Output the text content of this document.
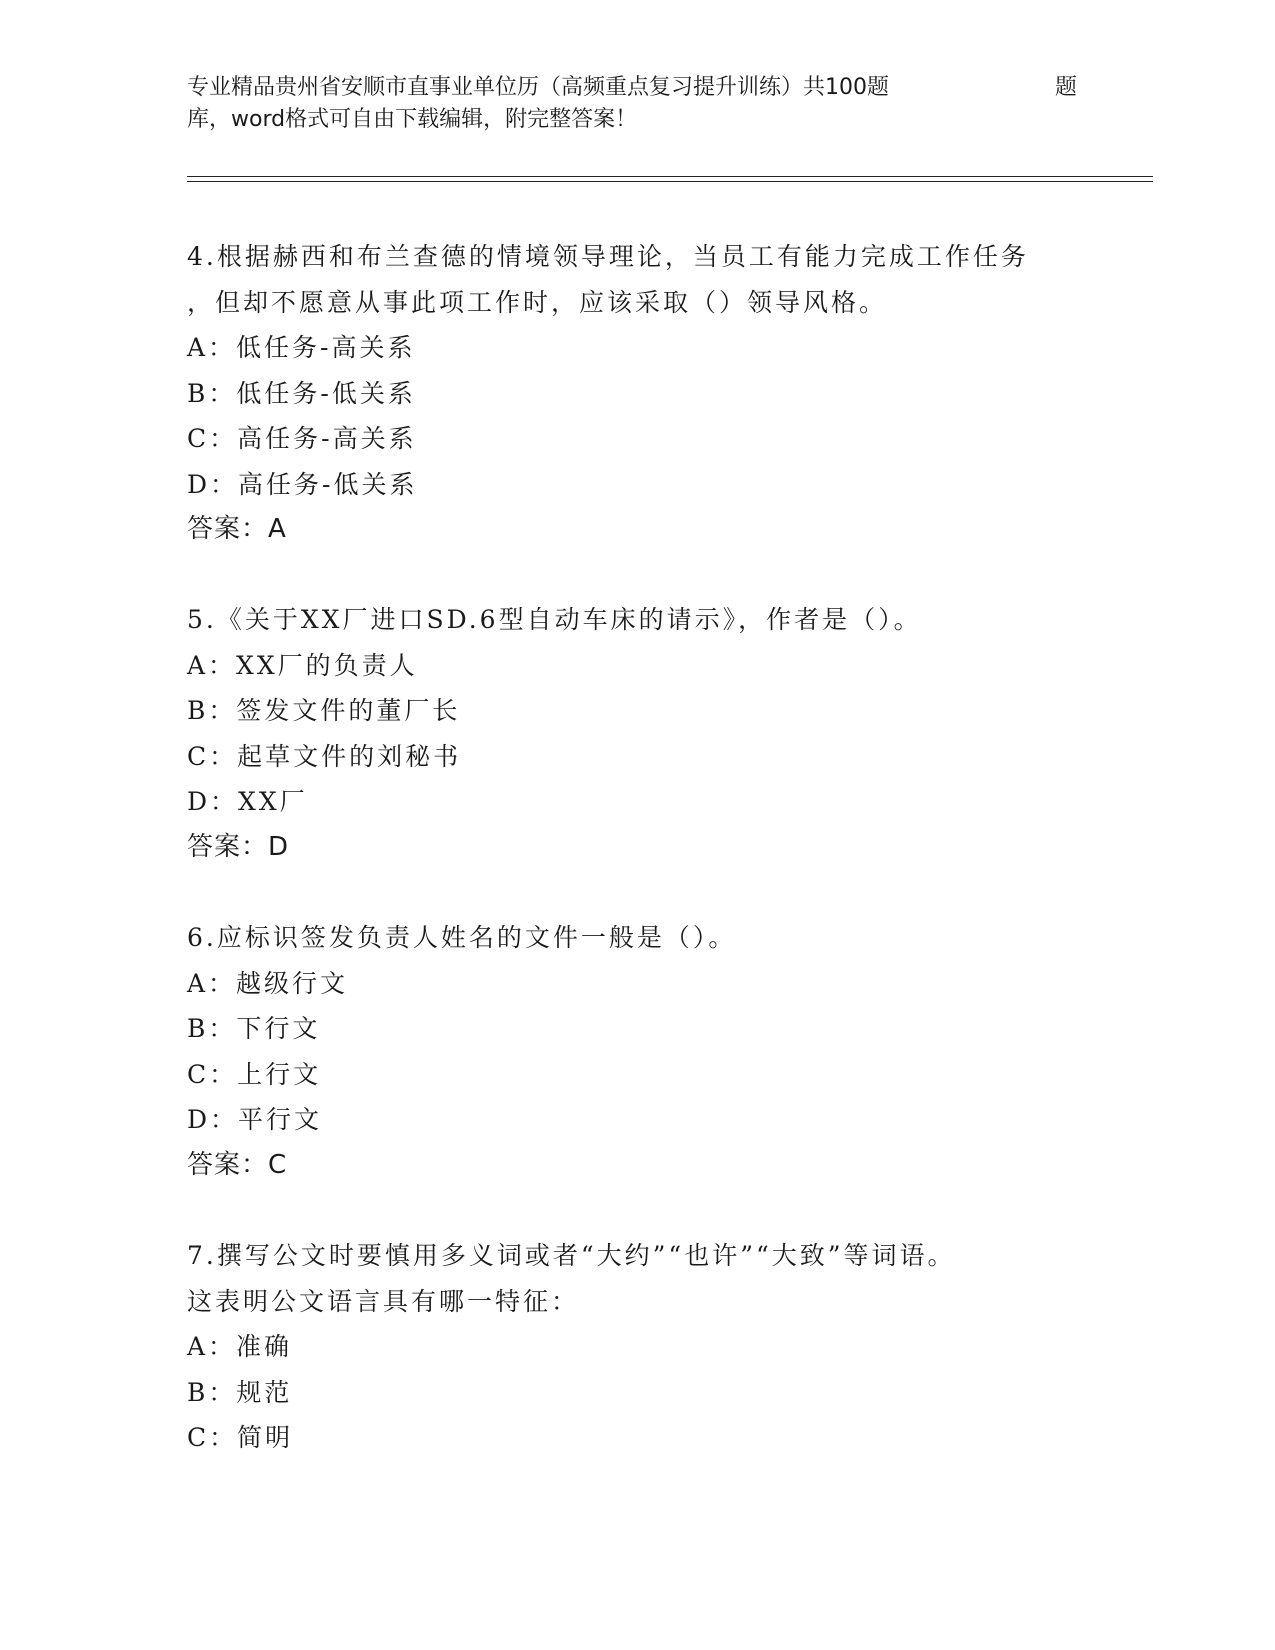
专业精品贵州省安顺市直事业单位历（高频重点复习提升训练）共100题	题
库，word格式可自由下载编辑，附完整答案！
4.根据赫西和布兰查德的情境领导理论，当员工有能力完成工作任务
，但却不愿意从事此项工作时，应该采取（）领导风格。
A：低任务-高关系
B：低任务-低关系
C：高任务-高关系
D：高任务-低关系
答案：A
5.《关于XX厂进口SD.6型自动车床的请示》，作者是（）。
A：XX厂的负责人
B：签发文件的董厂长
C：起草文件的刘秘书
D：XX厂
答案：D
6.应标识签发负责人姓名的文件一般是（）。
A：越级行文
B：下行文
C：上行文
D：平行文
答案：C
7.撰写公文时要慎用多义词或者“大约”“也许”“大致”等词语。
这表明公文语言具有哪一特征：
A：准确
B：规范
C：简明
